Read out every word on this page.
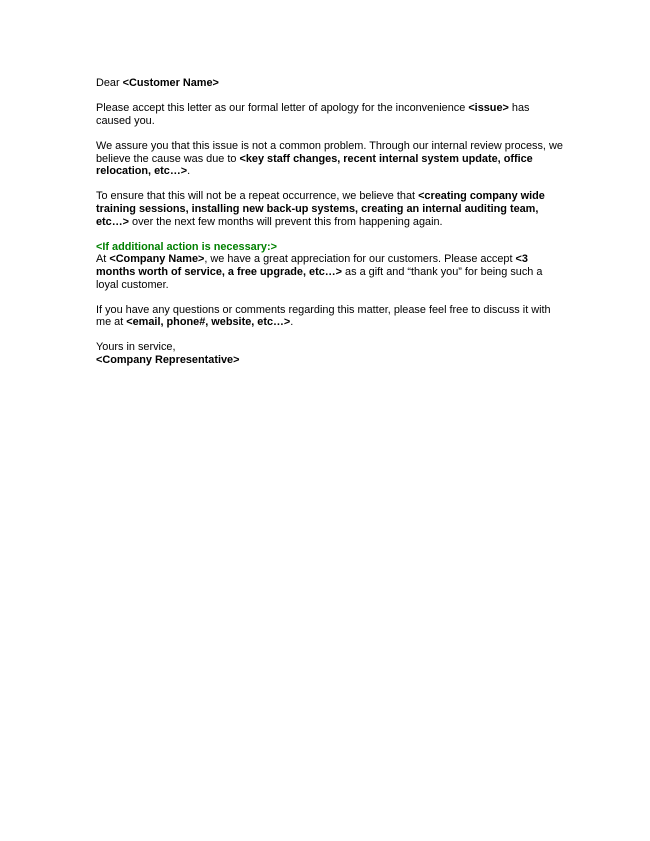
Dear <Customer Name>

Please accept this letter as our formal letter of apology for the inconvenience <issue> has
caused you.

We assure you that this issue is not a common problem. Through our internal review process, we
believe the cause was due to <key staff changes, recent internal system update, office
relocation, etc…>.

To ensure that this will not be a repeat occurrence, we believe that <creating company wide
training sessions, installing new back-up systems, creating an internal auditing team,
etc…> over the next few months will prevent this from happening again.

<If additional action is necessary:>
At <Company Name>, we have a great appreciation for our customers. Please accept <3
months worth of service, a free upgrade, etc…> as a gift and “thank you” for being such a
loyal customer.

If you have any questions or comments regarding this matter, please feel free to discuss it with
me at <email, phone#, website, etc…>.

Yours in service,
<Company Representative>
